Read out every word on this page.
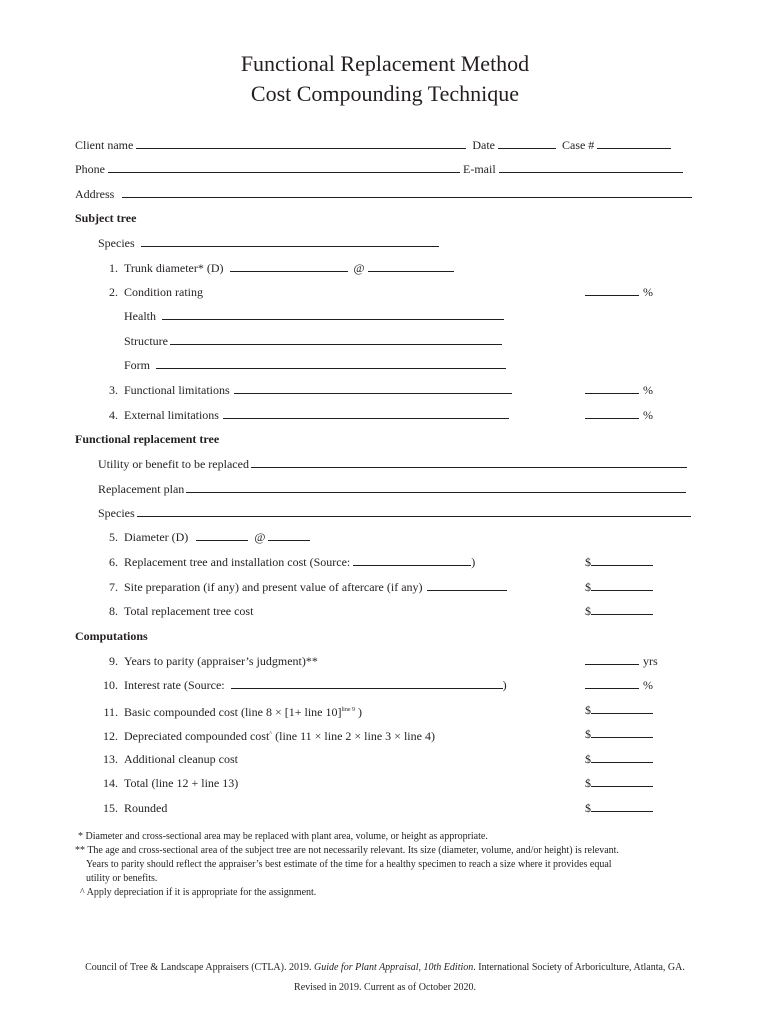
Functional Replacement Method
Cost Compounding Technique
Client name	Date	Case #
Phone	E-mail
Address
Subject tree
Species
1. Trunk diameter* (D)	@
2. Condition rating	%
Health
Structure
Form
3. Functional limitations	%
4. External limitations	%
Functional replacement tree
Utility or benefit to be replaced
Replacement plan
Species
5. Diameter (D)	@
6. Replacement tree and installation cost (Source:	)	$
7. Site preparation (if any) and present value of aftercare (if any)	$
8. Total replacement tree cost	$
Computations
9. Years to parity (appraiser’s judgment)**	yrs
10. Interest rate (Source:	)	%
11. Basic compounded cost (line 8 × [1+ line 10]$^{line 9}$ )	$
12. Depreciated compounded cost^ (line 11 × line 2 × line 3 × line 4)	$
13. Additional cleanup cost	$
14. Total (line 12 + line 13)	$
15. Rounded	$
* Diameter and cross-sectional area may be replaced with plant area, volume, or height as appropriate.
** The age and cross-sectional area of the subject tree are not necessarily relevant. Its size (diameter, volume, and/or height) is relevant.
Years to parity should reflect the appraiser’s best estimate of the time for a healthy specimen to reach a size where it provides equal
utility or benefits.
^ Apply depreciation if it is appropriate for the assignment.
Council of Tree & Landscape Appraisers (CTLA). 2019. Guide for Plant Appraisal, 10th Edition. International Society of Arboriculture, Atlanta, GA.
Revised in 2019. Current as of October 2020.
